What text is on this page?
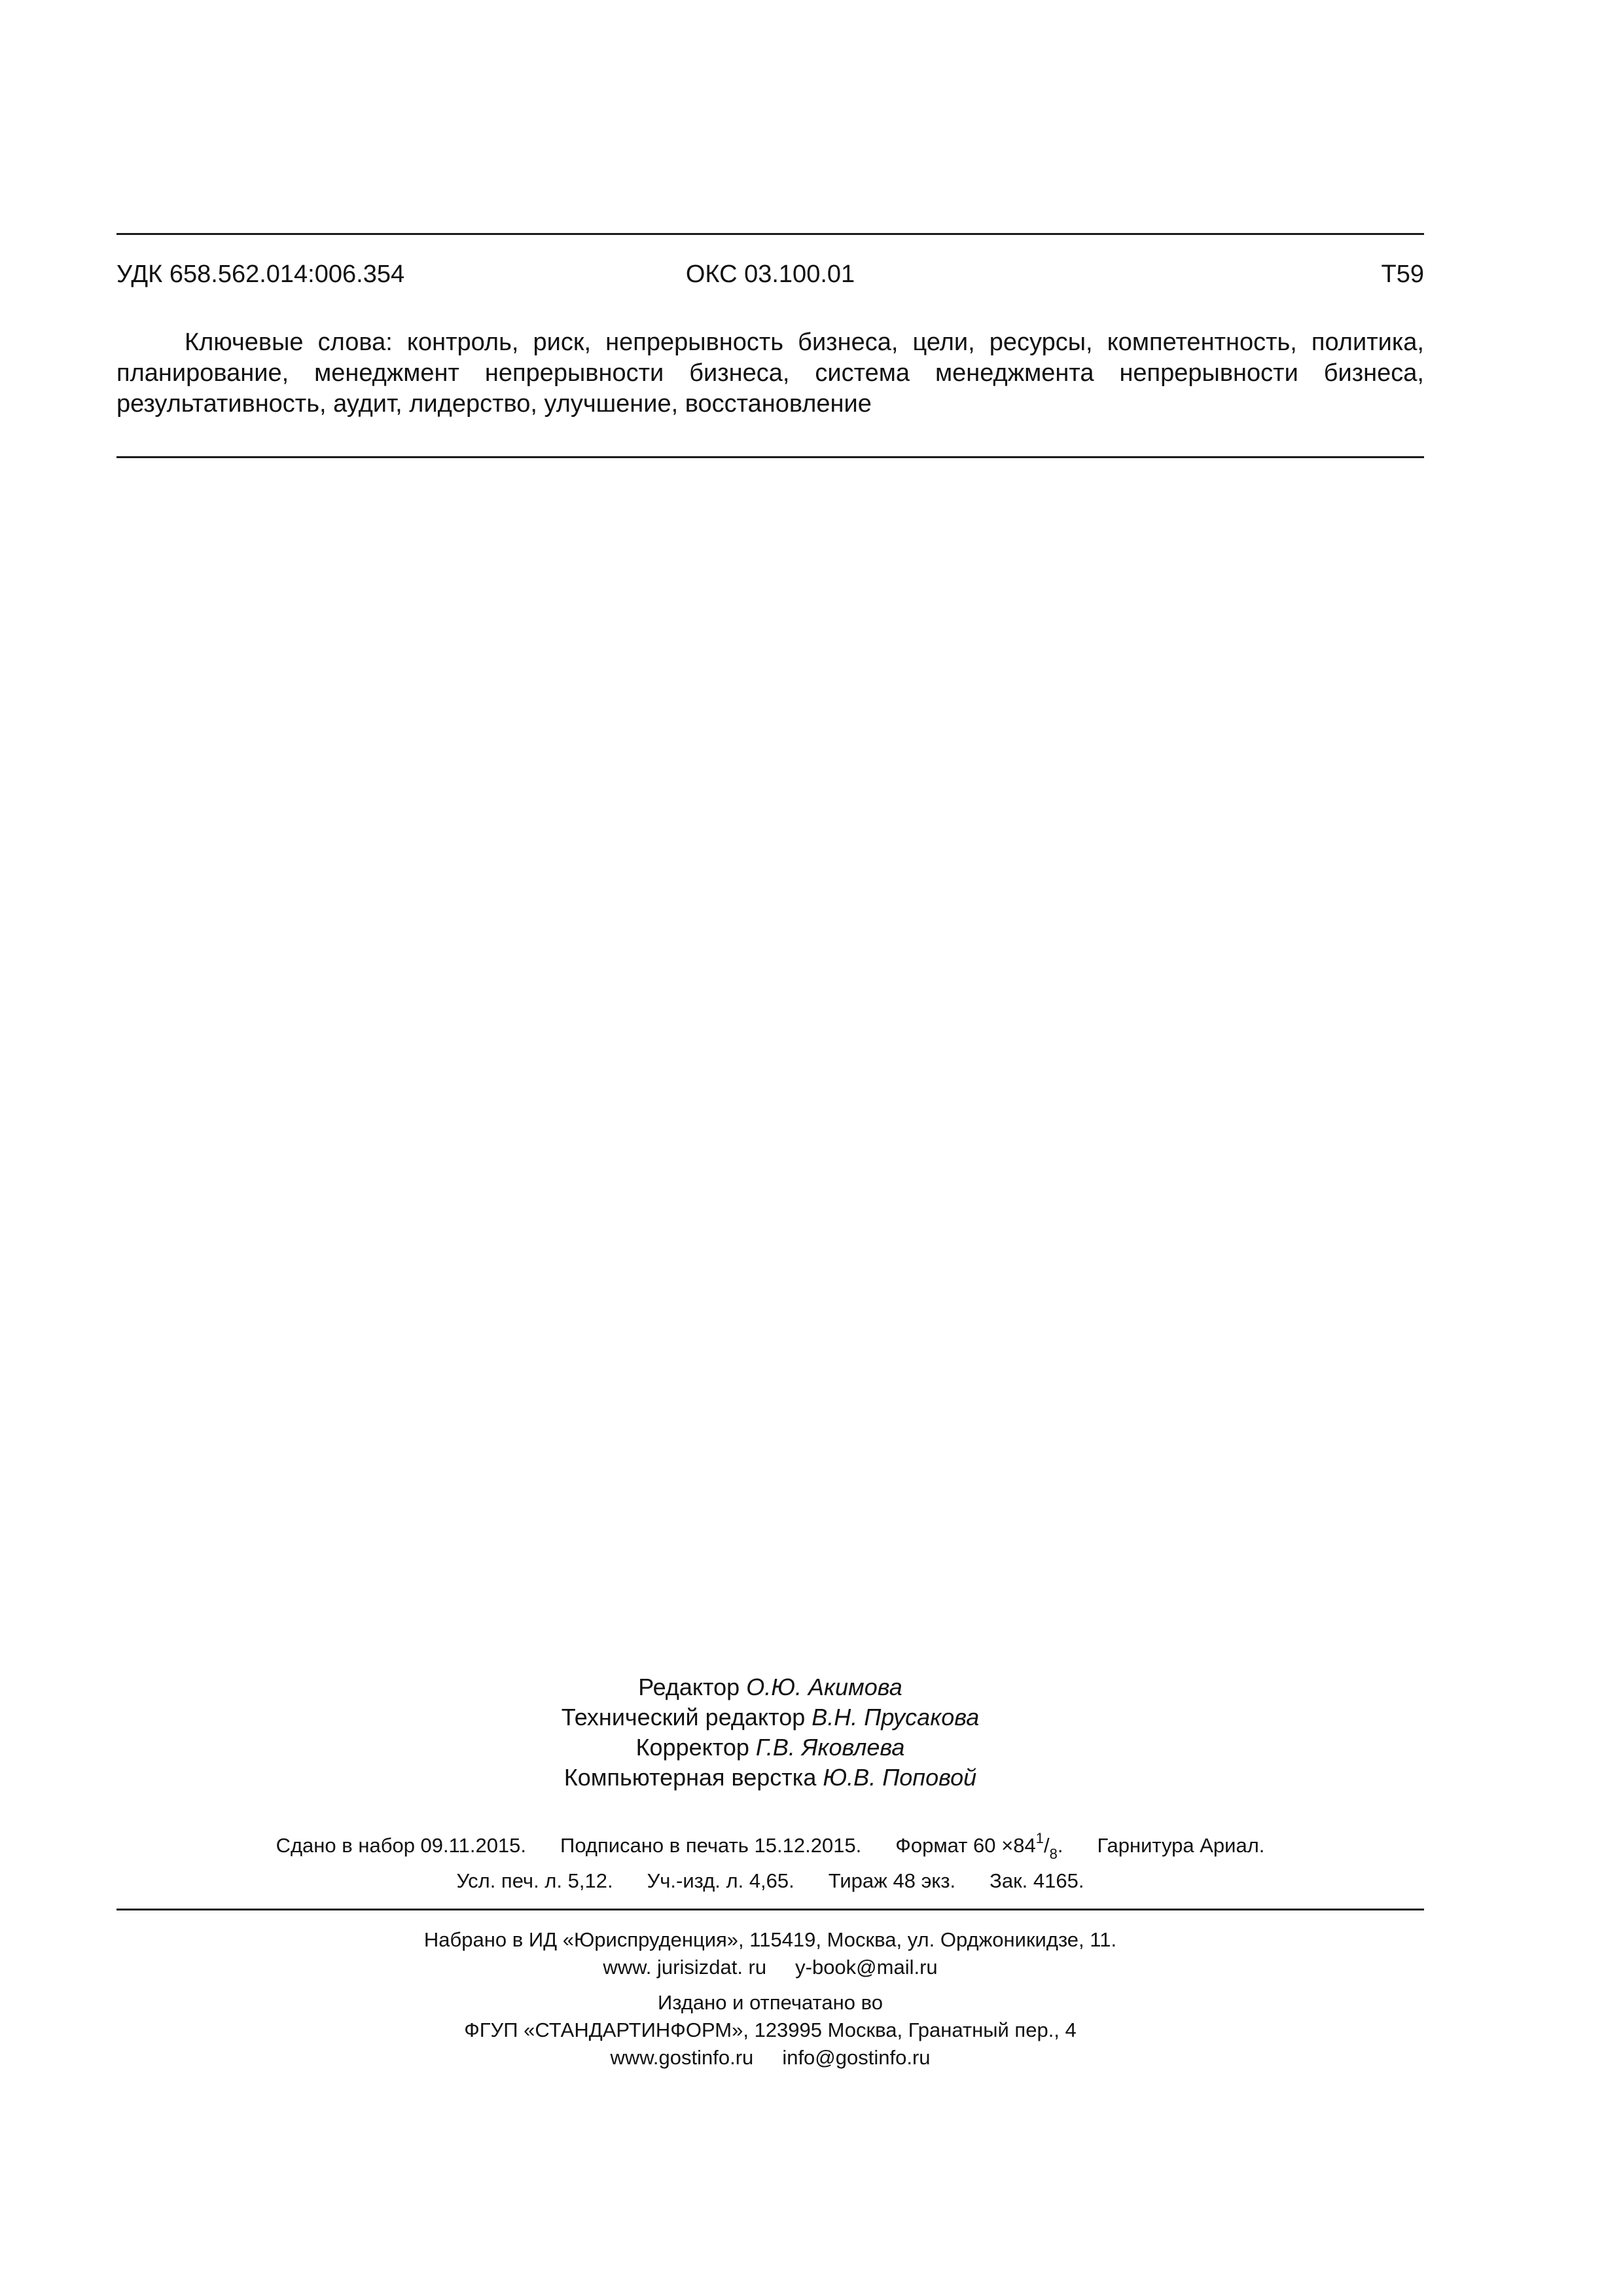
УДК 658.562.014:006.354	ОКС 03.100.01	Т59
Ключевые слова: контроль, риск, непрерывность бизнеса, цели, ресурсы, компетентность, политика, планирование, менеджмент непрерывности бизнеса, система менеджмента непрерывности бизнеса, результативность, аудит, лидерство, улучшение, восстановление
Редактор О.Ю. Акимова
Технический редактор В.Н. Прусакова
Корректор Г.В. Яковлева
Компьютерная верстка Ю.В. Поповой
Сдано в набор 09.11.2015. Подписано в печать 15.12.2015. Формат $60 \times 84^1/_8$. Гарнитура Ариал.
Усл. печ. л. 5,12. Уч.-изд. л. 4,65. Тираж 48 экз. Зак. 4165.
Набрано в ИД «Юриспруденция», 115419, Москва, ул. Орджоникидзе, 11.
www. jurisizdat. ru y-book@mail.ru
Издано и отпечатано во
ФГУП «СТАНДАРТИНФОРМ», 123995 Москва, Гранатный пер., 4
www.gostinfo.ru info@gostinfo.ru
